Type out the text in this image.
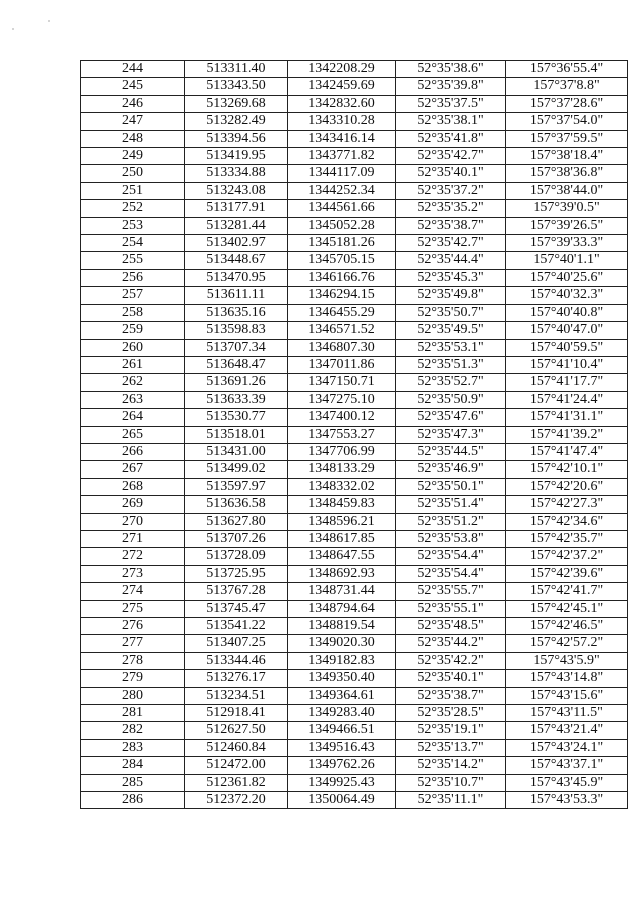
244	513311.40	1342208.29	52°35'38.6"	157°36'55.4"
245	513343.50	1342459.69	52°35'39.8"	157°37'8.8"
246	513269.68	1342832.60	52°35'37.5"	157°37'28.6"
247	513282.49	1343310.28	52°35'38.1"	157°37'54.0"
248	513394.56	1343416.14	52°35'41.8"	157°37'59.5"
249	513419.95	1343771.82	52°35'42.7"	157°38'18.4"
250	513334.88	1344117.09	52°35'40.1"	157°38'36.8"
251	513243.08	1344252.34	52°35'37.2"	157°38'44.0"
252	513177.91	1344561.66	52°35'35.2"	157°39'0.5"
253	513281.44	1345052.28	52°35'38.7"	157°39'26.5"
254	513402.97	1345181.26	52°35'42.7"	157°39'33.3"
255	513448.67	1345705.15	52°35'44.4"	157°40'1.1"
256	513470.95	1346166.76	52°35'45.3"	157°40'25.6"
257	513611.11	1346294.15	52°35'49.8"	157°40'32.3"
258	513635.16	1346455.29	52°35'50.7"	157°40'40.8"
259	513598.83	1346571.52	52°35'49.5"	157°40'47.0"
260	513707.34	1346807.30	52°35'53.1"	157°40'59.5"
261	513648.47	1347011.86	52°35'51.3"	157°41'10.4"
262	513691.26	1347150.71	52°35'52.7"	157°41'17.7"
263	513633.39	1347275.10	52°35'50.9"	157°41'24.4"
264	513530.77	1347400.12	52°35'47.6"	157°41'31.1"
265	513518.01	1347553.27	52°35'47.3"	157°41'39.2"
266	513431.00	1347706.99	52°35'44.5"	157°41'47.4"
267	513499.02	1348133.29	52°35'46.9"	157°42'10.1"
268	513597.97	1348332.02	52°35'50.1"	157°42'20.6"
269	513636.58	1348459.83	52°35'51.4"	157°42'27.3"
270	513627.80	1348596.21	52°35'51.2"	157°42'34.6"
271	513707.26	1348617.85	52°35'53.8"	157°42'35.7"
272	513728.09	1348647.55	52°35'54.4"	157°42'37.2"
273	513725.95	1348692.93	52°35'54.4"	157°42'39.6"
274	513767.28	1348731.44	52°35'55.7"	157°42'41.7"
275	513745.47	1348794.64	52°35'55.1"	157°42'45.1"
276	513541.22	1348819.54	52°35'48.5"	157°42'46.5"
277	513407.25	1349020.30	52°35'44.2"	157°42'57.2"
278	513344.46	1349182.83	52°35'42.2"	157°43'5.9"
279	513276.17	1349350.40	52°35'40.1"	157°43'14.8"
280	513234.51	1349364.61	52°35'38.7"	157°43'15.6"
281	512918.41	1349283.40	52°35'28.5"	157°43'11.5"
282	512627.50	1349466.51	52°35'19.1"	157°43'21.4"
283	512460.84	1349516.43	52°35'13.7"	157°43'24.1"
284	512472.00	1349762.26	52°35'14.2"	157°43'37.1"
285	512361.82	1349925.43	52°35'10.7"	157°43'45.9"
286	512372.20	1350064.49	52°35'11.1"	157°43'53.3"
